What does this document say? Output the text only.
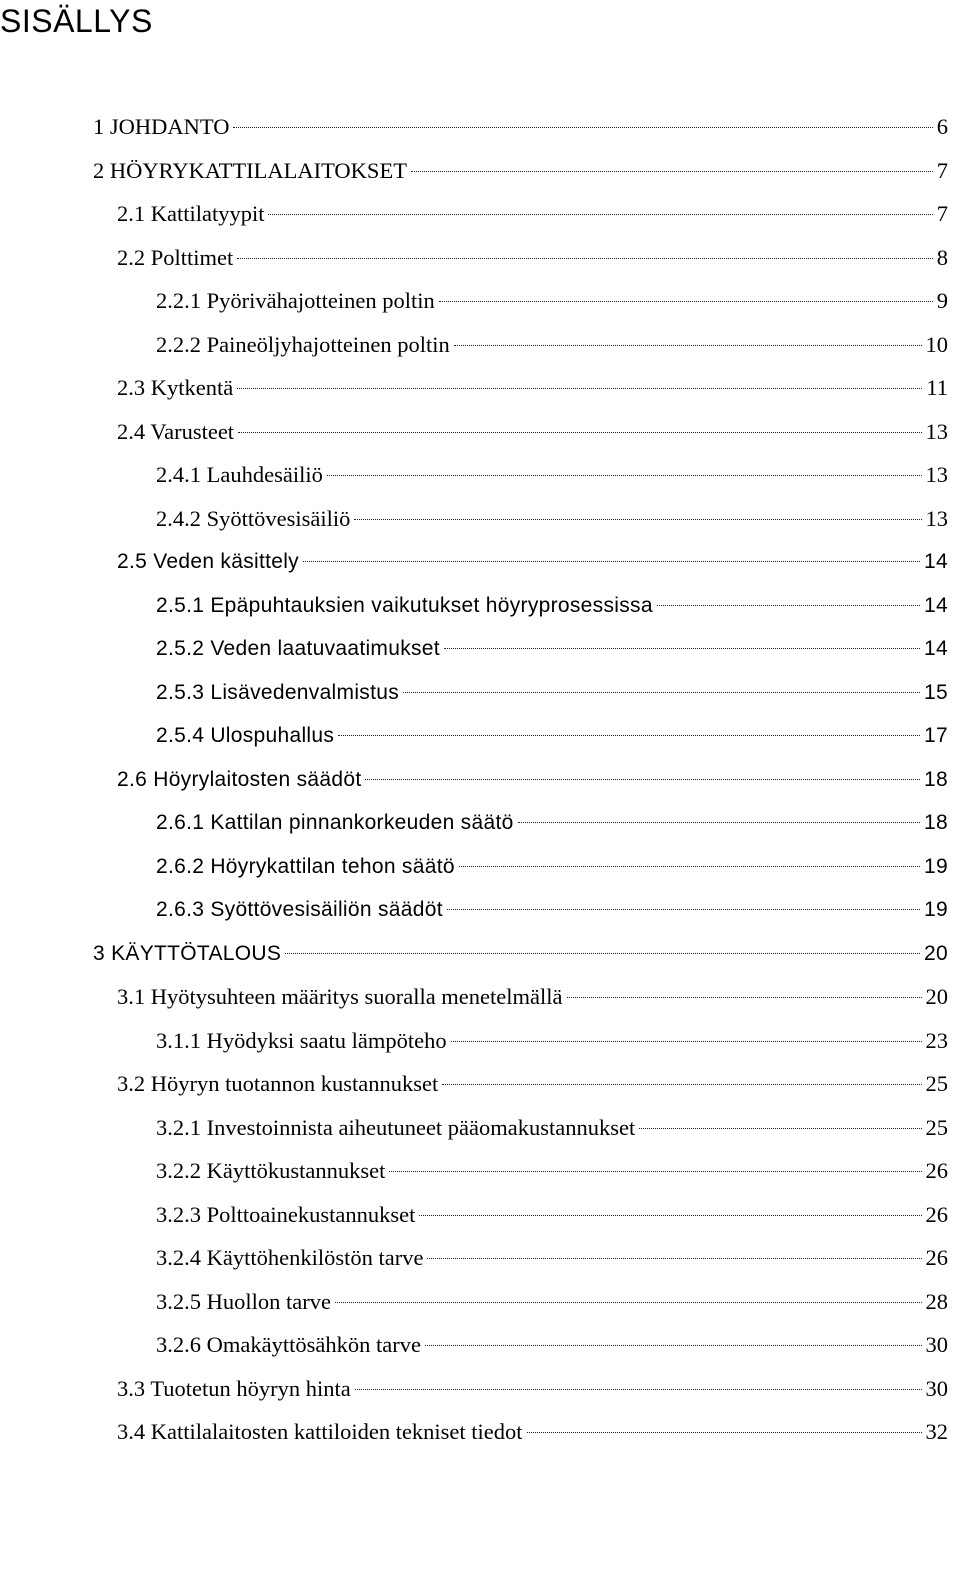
SISÄLLYS
1 JOHDANTO	6
2 HÖYRYKATTILALAITOKSET	7
2.1 Kattilatyypit	7
2.2 Polttimet	8
2.2.1 Pyörivähajotteinen poltin	9
2.2.2 Paineöljyhajotteinen poltin	10
2.3 Kytkentä	11
2.4 Varusteet	13
2.4.1 Lauhdesäiliö	13
2.4.2 Syöttövesisäiliö	13
2.5 Veden käsittely	14
2.5.1 Epäpuhtauksien vaikutukset höyryprosessissa	14
2.5.2 Veden laatuvaatimukset	14
2.5.3 Lisävedenvalmistus	15
2.5.4 Ulospuhallus	17
2.6 Höyrylaitosten säädöt	18
2.6.1 Kattilan pinnankorkeuden säätö	18
2.6.2 Höyrykattilan tehon säätö	19
2.6.3 Syöttövesisäiliön säädöt	19
3 KÄYTTÖTALOUS	20
3.1 Hyötysuhteen määritys suoralla menetelmällä	20
3.1.1 Hyödyksi saatu lämpöteho	23
3.2 Höyryn tuotannon kustannukset	25
3.2.1 Investoinnista aiheutuneet pääomakustannukset	25
3.2.2 Käyttökustannukset	26
3.2.3 Polttoainekustannukset	26
3.2.4 Käyttöhenkilöstön tarve	26
3.2.5 Huollon tarve	28
3.2.6 Omakäyttösähkön tarve	30
3.3 Tuotetun höyryn hinta	30
3.4 Kattilalaitosten kattiloiden tekniset tiedot	32
